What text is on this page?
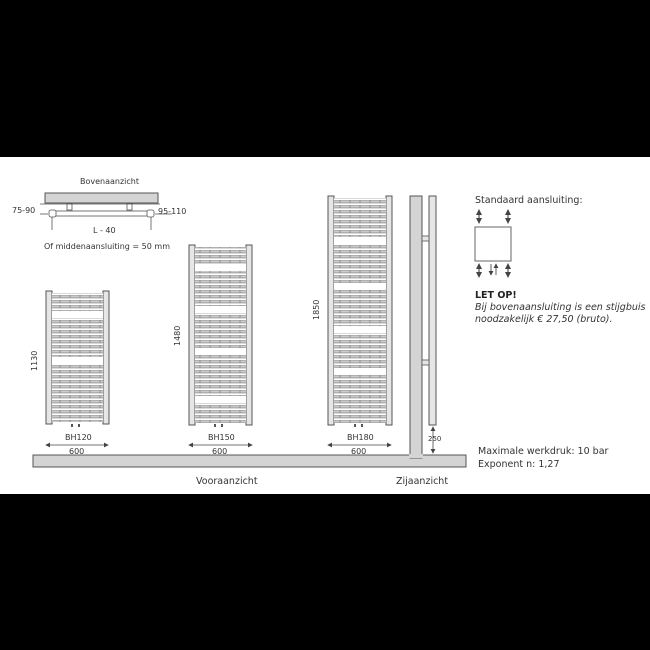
Bovenaanzicht
75-90	95-110
L - 40
Of middenaansluiting = 50 mm
1130
1480
1850
BH120
600
BH150
600
BH180
600
250
Zijaanzicht
Vooraanzicht
Standaard aansluiting:
LET OP!
Bij bovenaansluiting is een stijgbuis
noodzakelijk € 27,50 (bruto).
Maximale werkdruk: 10 bar
Exponent n: 1,27
